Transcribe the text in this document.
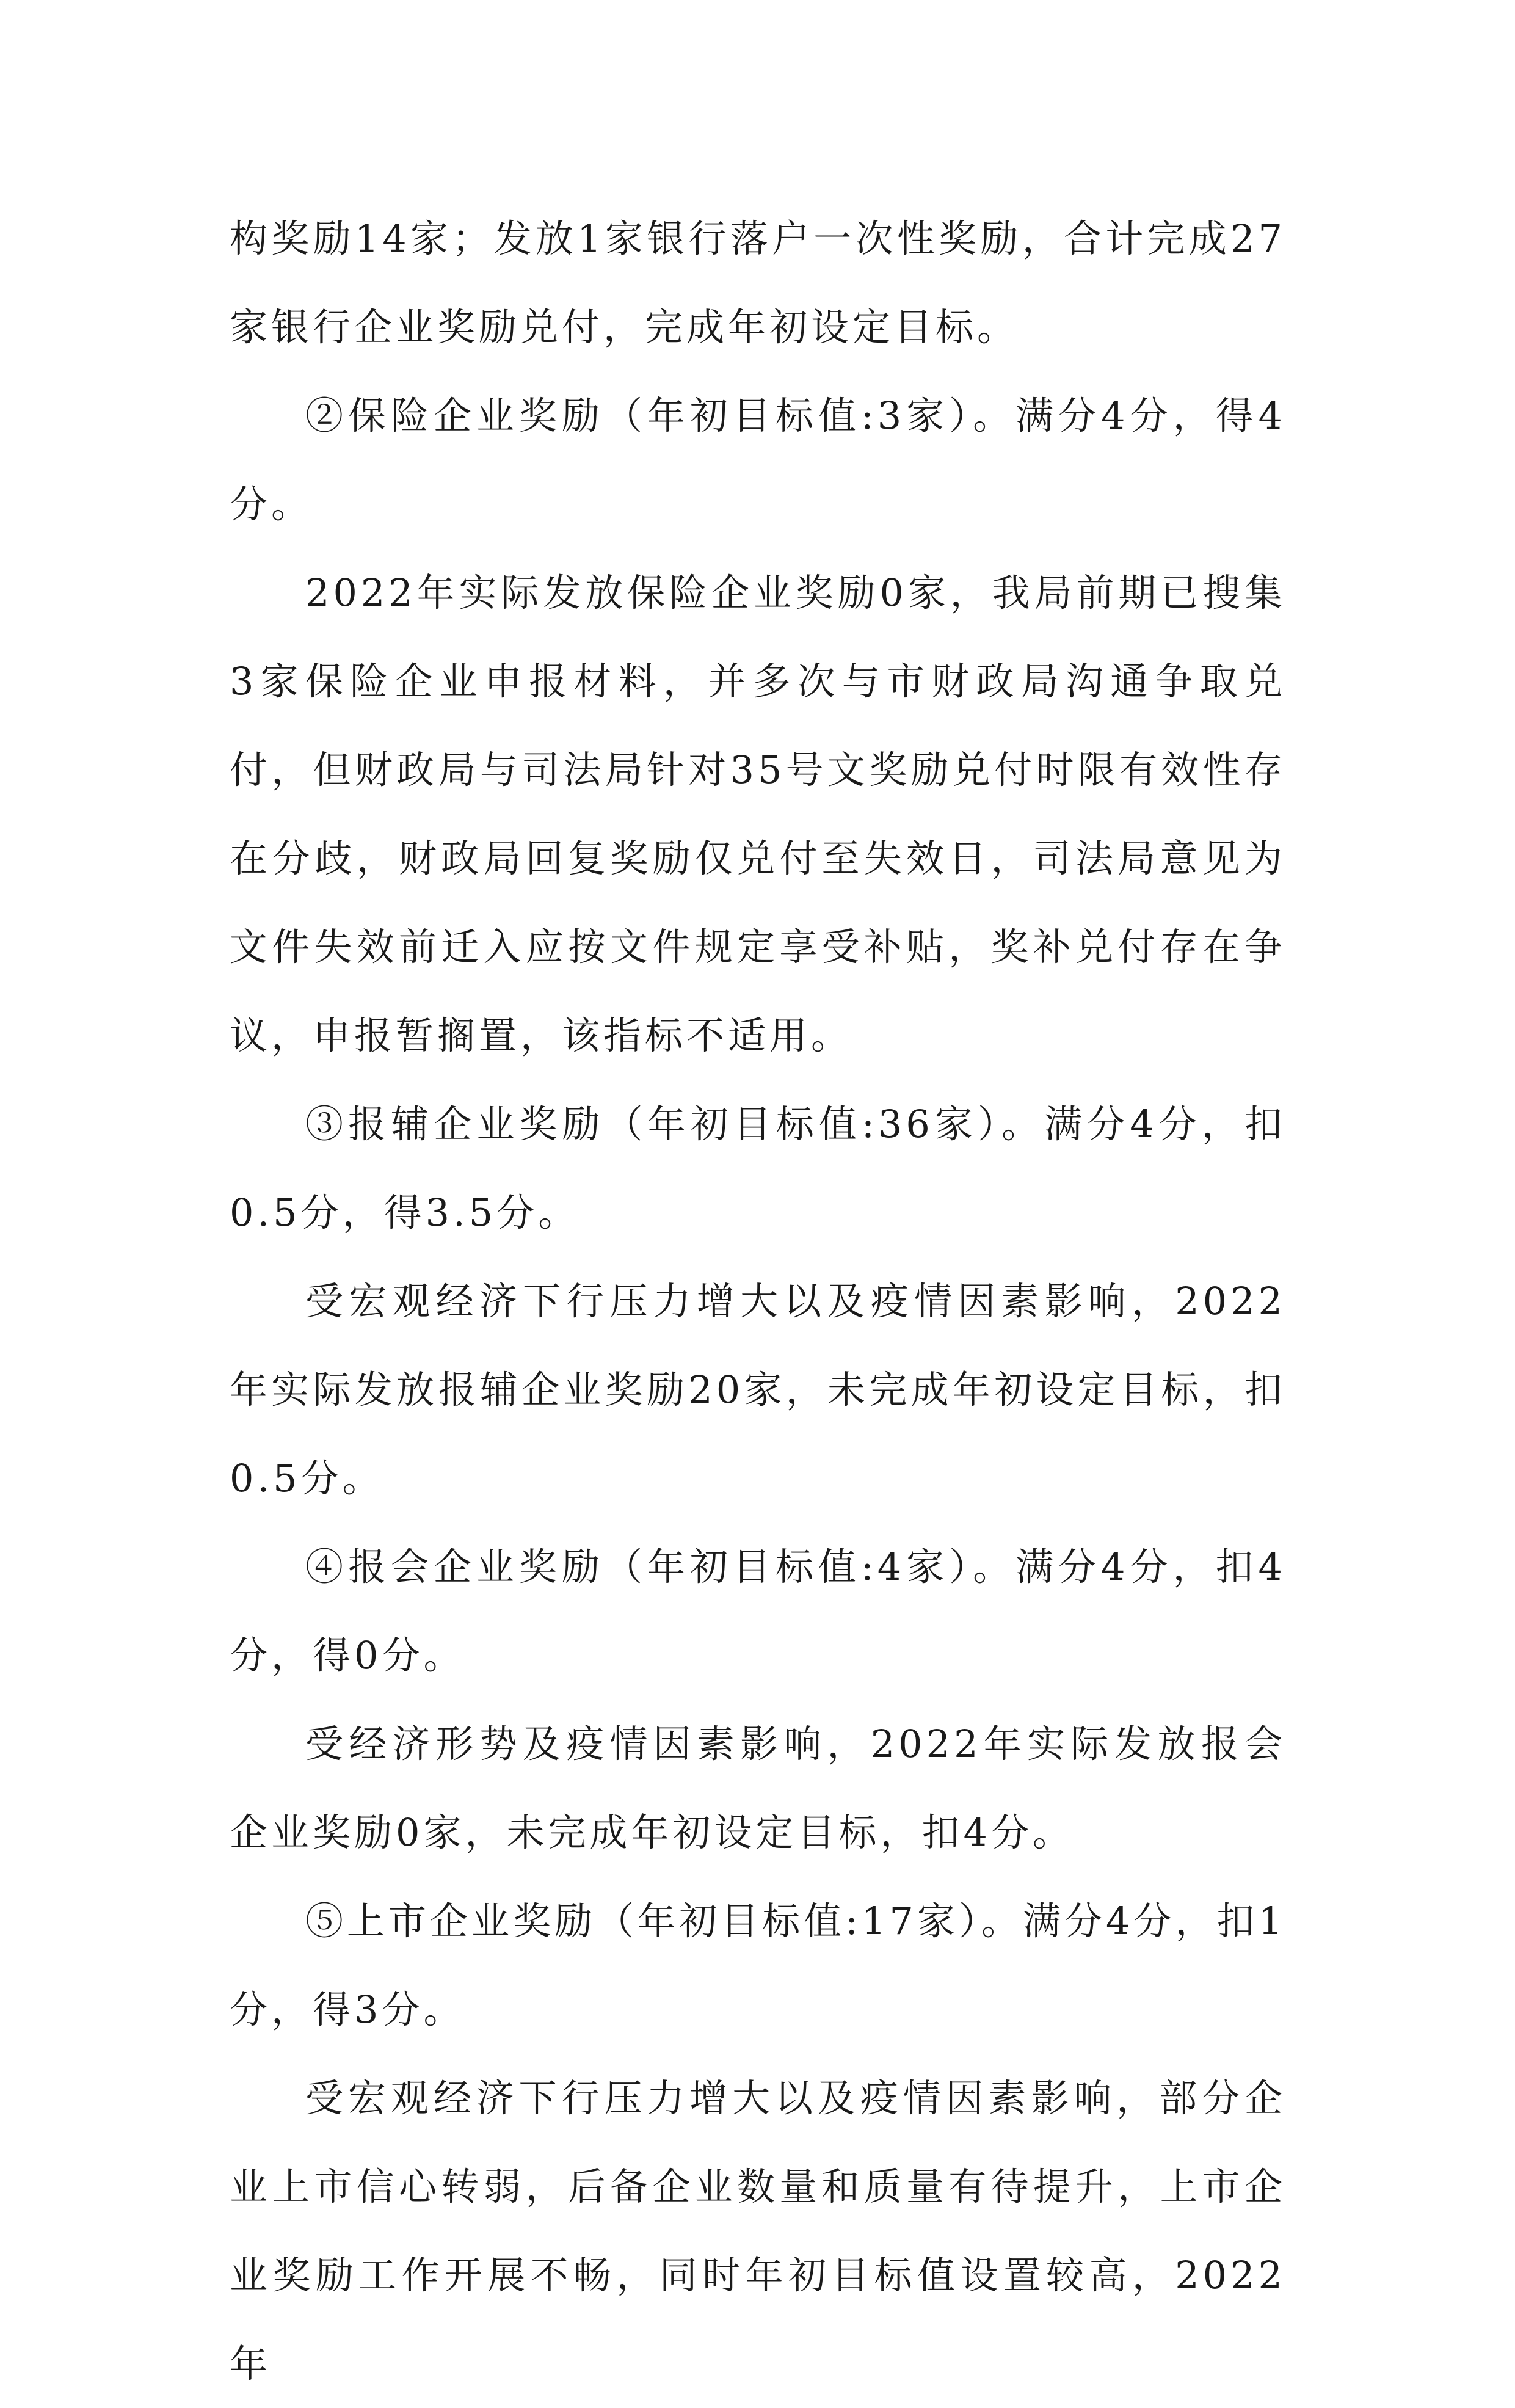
构奖励14家；发放1家银行落户一次性奖励，合计完成27家银行企业奖励兑付，完成年初设定目标。

②保险企业奖励（年初目标值:3家）。满分4分，得4分。

2022年实际发放保险企业奖励0家，我局前期已搜集3家保险企业申报材料，并多次与市财政局沟通争取兑付，但财政局与司法局针对35号文奖励兑付时限有效性存在分歧，财政局回复奖励仅兑付至失效日，司法局意见为文件失效前迁入应按文件规定享受补贴，奖补兑付存在争议，申报暂搁置，该指标不适用。

③报辅企业奖励（年初目标值:36家）。满分4分，扣0.5分，得3.5分。

受宏观经济下行压力增大以及疫情因素影响，2022年实际发放报辅企业奖励20家，未完成年初设定目标，扣0.5分。

④报会企业奖励（年初目标值:4家）。满分4分，扣4分，得0分。

受经济形势及疫情因素影响，2022年实际发放报会企业奖励0家，未完成年初设定目标，扣4分。

⑤上市企业奖励（年初目标值:17家）。满分4分，扣1分，得3分。

受宏观经济下行压力增大以及疫情因素影响，部分企业上市信心转弱，后备企业数量和质量有待提升，上市企业奖励工作开展不畅，同时年初目标值设置较高，2022年
